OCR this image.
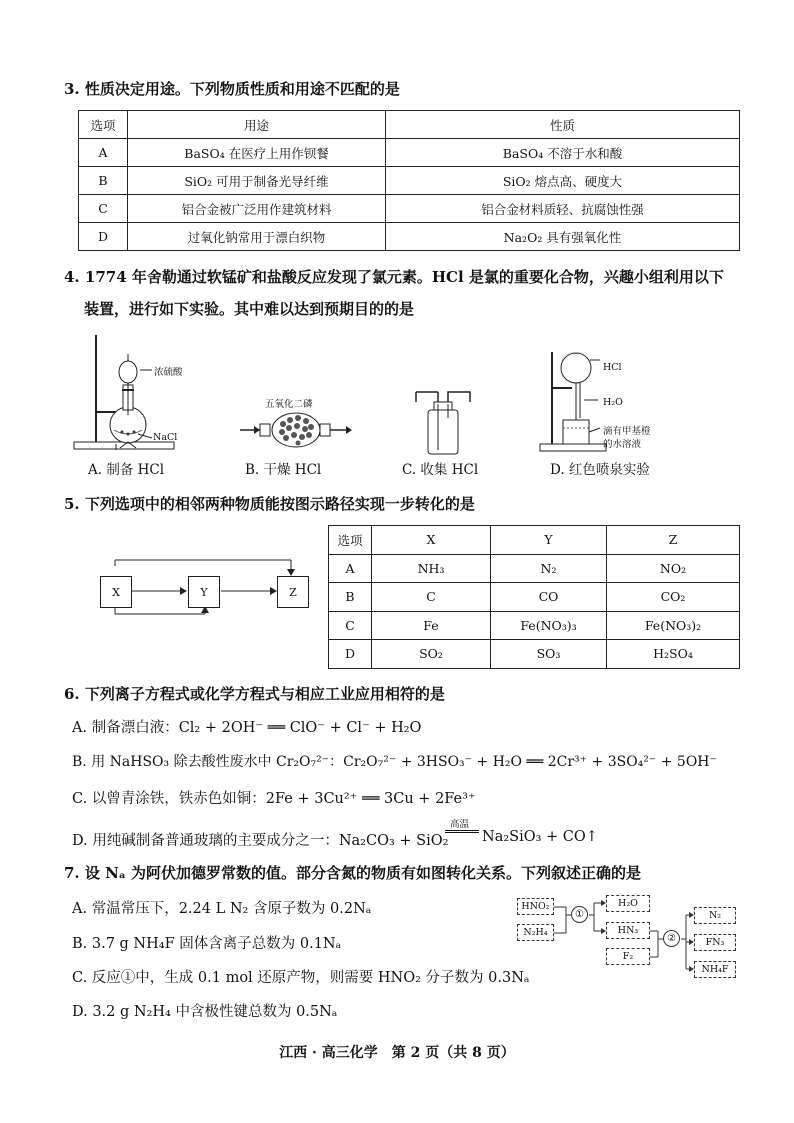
3. 性质决定用途。下列物质性质和用途不匹配的是
选项	用途	性质
A	BaSO₄ 在医疗上用作钡餐	BaSO₄ 不溶于水和酸
B	SiO₂ 可用于制备光导纤维	SiO₂ 熔点高、硬度大
C	铝合金被广泛用作建筑材料	铝合金材料质轻、抗腐蚀性强
D	过氧化钠常用于漂白织物	Na₂O₂ 具有强氧化性
4. 1774 年舍勒通过软锰矿和盐酸反应发现了氯元素。HCl 是氯的重要化合物，兴趣小组利用以下
装置，进行如下实验。其中难以达到预期目的的是
浓硫酸
NaCl
A. 制备 HCl
五氧化二磷
B. 干燥 HCl	C. 收集 HCl
HCl
H₂O
滴有甲基橙
的水溶液
D. 红色喷泉实验
5. 下列选项中的相邻两种物质能按图示路径实现一步转化的是
X	Y	Z
选项	X	Y	Z
A	NH₃	N₂	NO₂
B	C	CO	CO₂
C	Fe	Fe(NO₃)₃	Fe(NO₃)₂
D	SO₂	SO₃	H₂SO₄
6. 下列离子方程式或化学方程式与相应工业应用相符的是
A. 制备漂白液：Cl₂ + 2OH⁻ ══ ClO⁻ + Cl⁻ + H₂O
B. 用 NaHSO₃ 除去酸性废水中 Cr₂O₇²⁻：Cr₂O₇²⁻ + 3HSO₃⁻ + H₂O ══ 2Cr³⁺ + 3SO₄²⁻ + 5OH⁻
C. 以曾青涂铁，铁赤色如铜：2Fe + 3Cu²⁺ ══ 3Cu + 2Fe³⁺
D. 用纯碱制备普通玻璃的主要成分之一：Na₂CO₃ + SiO₂
高温
Na₂SiO₃ + CO↑
7. 设 Nₐ 为阿伏加德罗常数的值。部分含氮的物质有如图转化关系。下列叙述正确的是
A. 常温常压下，2.24 L N₂ 含原子数为 0.2Nₐ
B. 3.7 g NH₄F 固体含离子总数为 0.1Nₐ
C. 反应①中，生成 0.1 mol 还原产物，则需要 HNO₂ 分子数为 0.3Nₐ
D. 3.2 g N₂H₄ 中含极性键总数为 0.5Nₐ
HNO₂
N₂H₄
①
H₂O
HN₃
F₂
②
N₂
FN₃
NH₄F
江西 · 高三化学　第 2 页（共 8 页）
